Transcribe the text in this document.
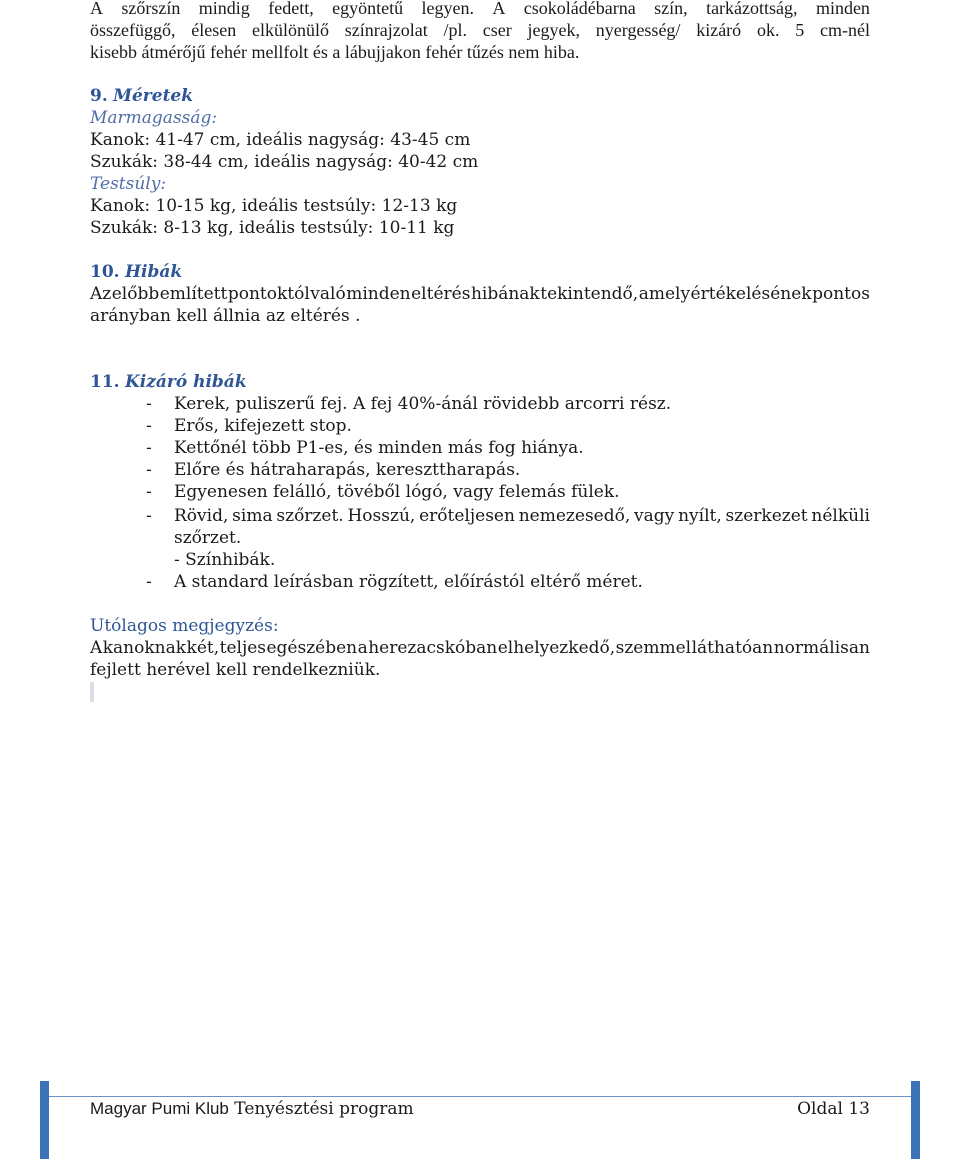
A szőrszín mindig fedett, egyöntetű legyen. A csokoládébarna szín, tarkázottság, minden
összefüggő, élesen elkülönülő színrajzolat /pl. cser jegyek, nyergesség/ kizáró ok. 5 cm-nél
kisebb átmérőjű fehér mellfolt és a lábujjakon fehér tűzés nem hiba.
9. Méretek
Marmagasság:
Kanok: 41-47 cm, ideális nagyság: 43-45 cm
Szukák: 38-44 cm, ideális nagyság: 40-42 cm
Testsúly:
Kanok: 10-15 kg, ideális testsúly: 12-13 kg
Szukák: 8-13 kg, ideális testsúly: 10-11 kg
10. Hibák
Az előbb említett pontoktól való minden eltérés hibának tekintendő, amely értékelésének pontos
arányban kell állnia az eltérés .
11. Kizáró hibák
- Kerek, puliszerű fej. A fej 40%-ánál rövidebb arcorri rész.
- Erős, kifejezett stop.
- Kettőnél több P1-es, és minden más fog hiánya.
- Előre és hátraharapás, kereszttharapás.
- Egyenesen felálló, tövéből lógó, vagy felemás fülek.
- Rövid, sima szőrzet. Hosszú, erőteljesen nemezesedő, vagy nyílt, szerkezet nélküli
szőrzet.
- Színhibák.
- A standard leírásban rögzített, előírástól eltérő méret.
Utólagos megjegyzés:
A kanoknak két, teljes egészében a herezacskóban elhelyezkedő, szemmel láthatóan normálisan
fejlett herével kell rendelkezniük.
Magyar Pumi Klub Tenyésztési program	Oldal 13
